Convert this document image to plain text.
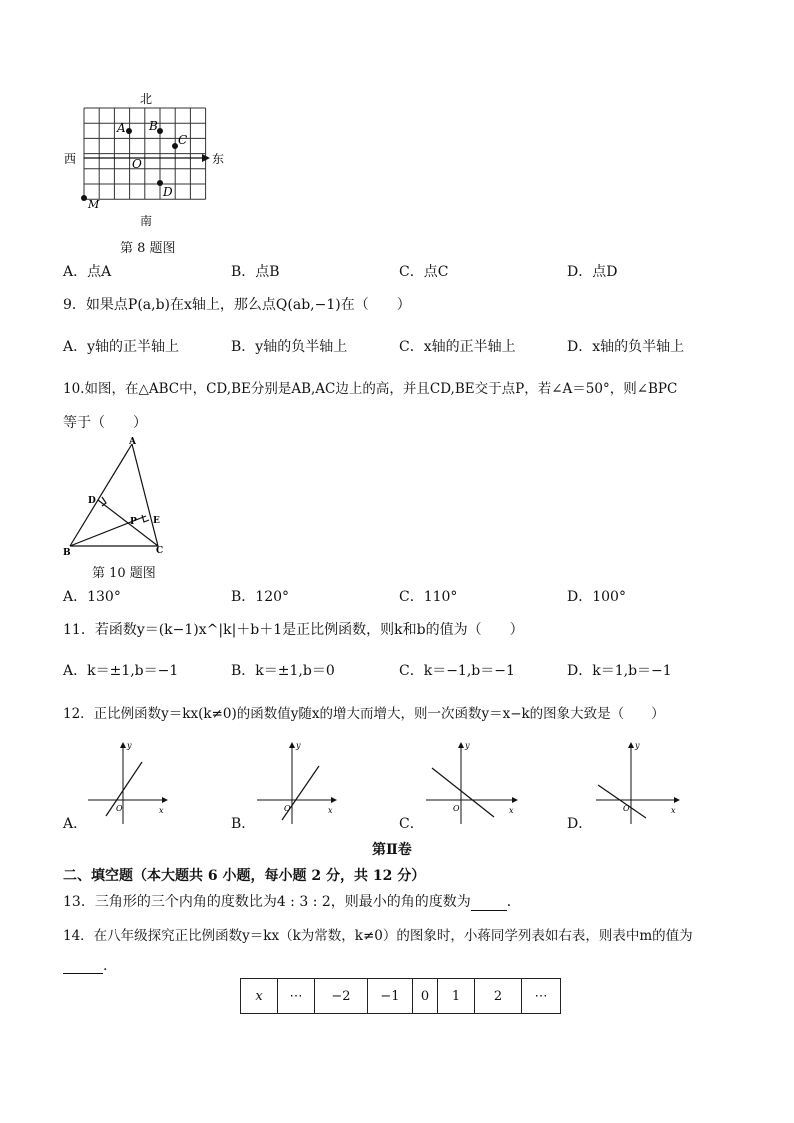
北
南
西	东
A B
C
O
D
M
第 8 题图
A．点A	B．点B	C．点C	D．点D
9．如果点P(a,b)在x轴上，那么点Q(ab,−1)在（　　）
A．y轴的正半轴上	B．y轴的负半轴上	C．x轴的正半轴上	D．x轴的负半轴上
10.如图，在△ABC中，CD,BE分别是AB,AC边上的高，并且CD,BE交于点P，若∠A＝50°，则∠BPC
等于（　　）
A
D
P E
B	C
第 10 题图
A．130°	B．120°	C．110°	D．100°
11．若函数y＝(k−1)x^|k|＋b＋1是正比例函数，则k和b的值为（　　）
A．k＝±1,b＝−1	B．k＝±1,b＝0	C．k＝−1,b＝−1	D．k＝1,b＝−1
12．正比例函数y＝kx(k≠0)的函数值y随x的增大而增大，则一次函数y＝x−k的图象大致是（　　）
x
y
O	x
y
O	x
y
O	x
y
O
A．	B．	C．	D．
第Ⅱ卷
二、填空题（本大题共 6 小题，每小题 2 分，共 12 分）
13．三角形的三个内角的度数比为4 : 3 : 2，则最小的角的度数为	．
14．在八年级探究正比例函数y＝kx（k为常数，k≠0）的图象时，小蒋同学列表如右表，则表中m的值为
.
x	⋯	−2	−1	0	1	2	⋯
